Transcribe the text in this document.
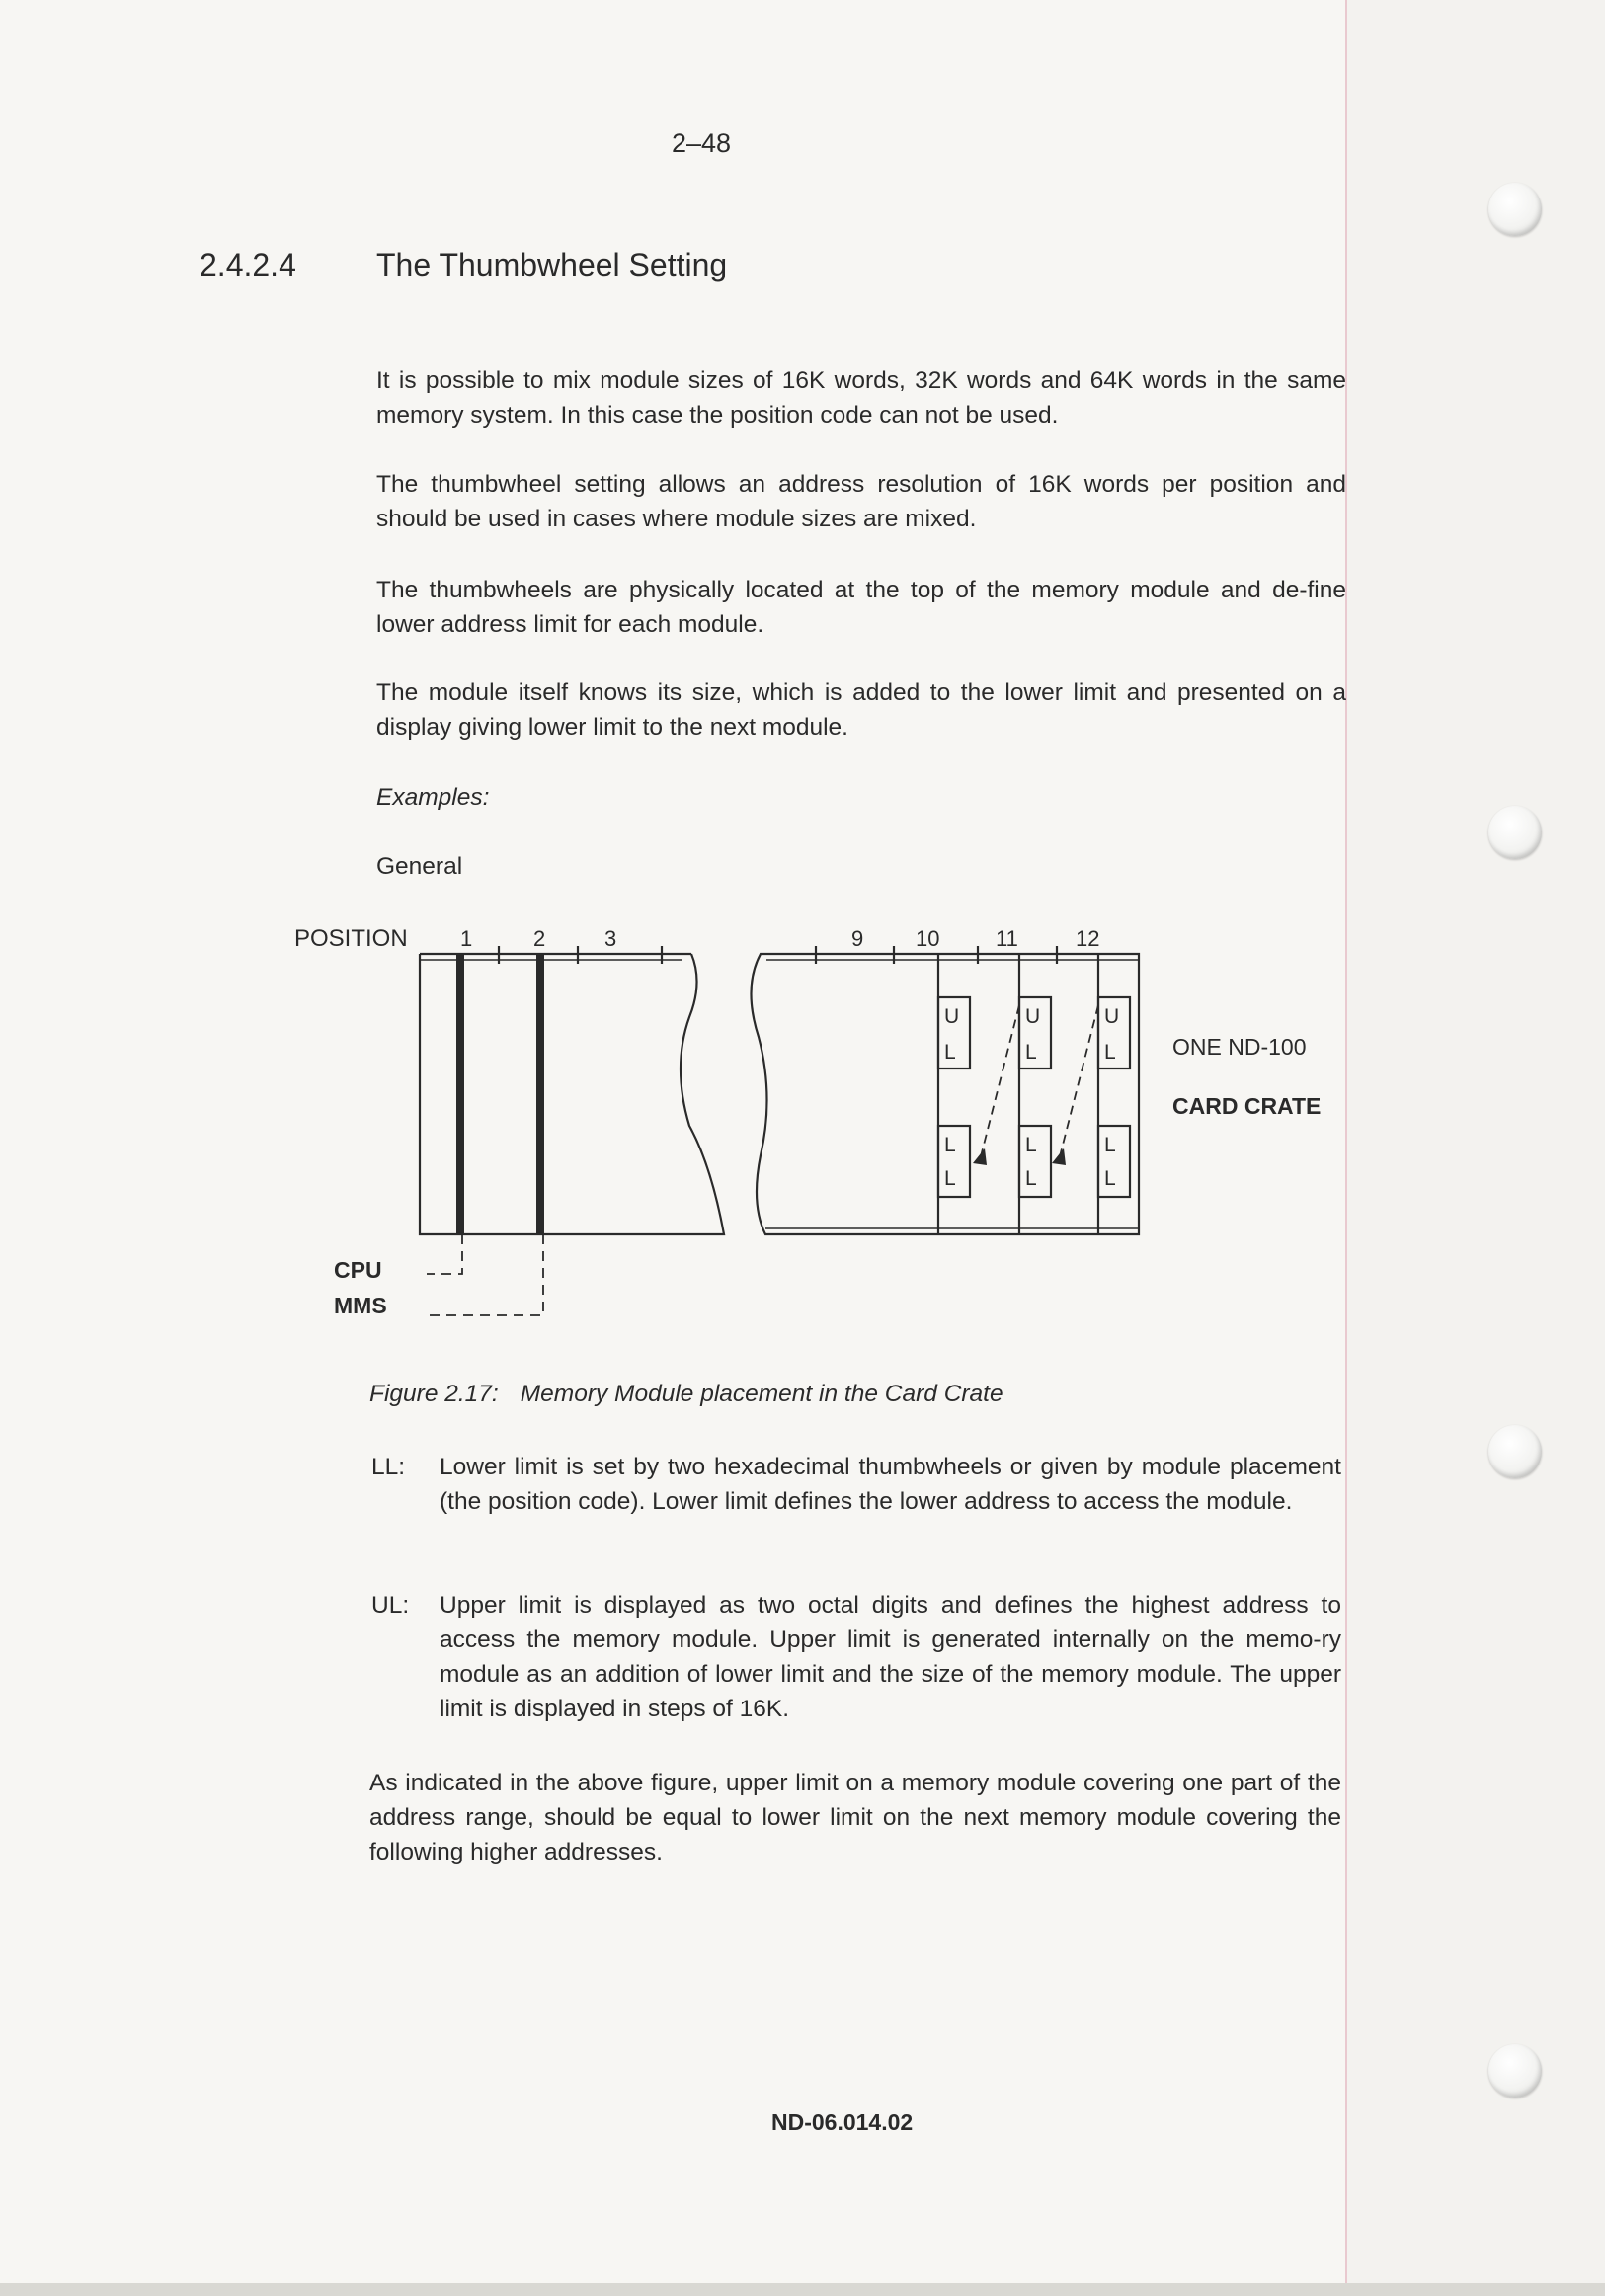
2–48
2.4.2.4	The Thumbwheel Setting

It is possible to mix module sizes of 16K words, 32K words and 64K words in the same memory system. In this case the position code can not be used.

The thumbwheel setting allows an address resolution of 16K words per position and should be used in cases where module sizes are mixed.

The thumbwheels are physically located at the top of the memory module and de-fine lower address limit for each module.

The module itself knows its size, which is added to the lower limit and presented on a display giving lower limit to the next module.

Examples:

General

POSITION 1	2	3	9 10	11	12
U
L
U
L
U
L
L
L
L
L
L
L
ONE ND-100
CARD CRATE
CPU
MMS
Figure 2.17: Memory Module placement in the Card Crate
LL: Lower limit is set by two hexadecimal thumbwheels or given by module placement (the position code). Lower limit defines the lower address to access the module.

UL: Upper limit is displayed as two octal digits and defines the highest address to access the memory module. Upper limit is generated internally on the memo-ry module as an addition of lower limit and the size of the memory module. The upper limit is displayed in steps of 16K.

As indicated in the above figure, upper limit on a memory module covering one part of the address range, should be equal to lower limit on the next memory module covering the following higher addresses.

ND-06.014.02
